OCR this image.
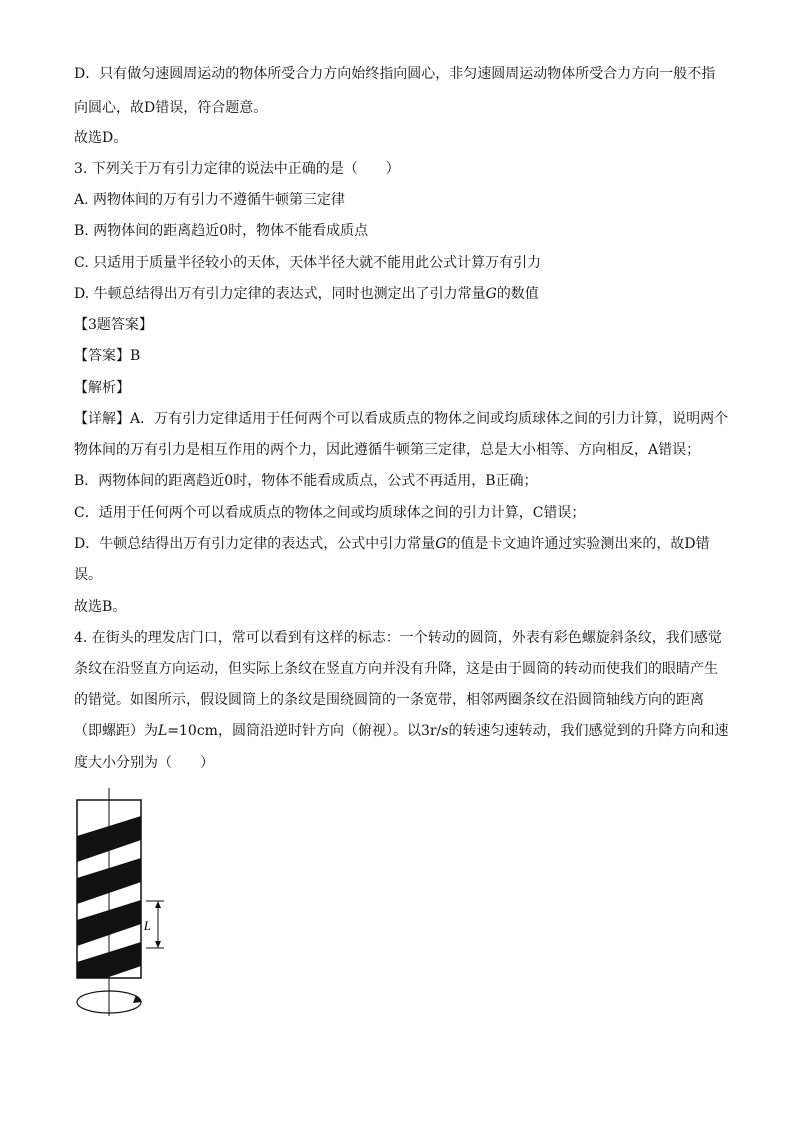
D．只有做匀速圆周运动的物体所受合力方向始终指向圆心，非匀速圆周运动物体所受合力方向一般不指
向圆心，故D错误，符合题意。
故选D。
3. 下列关于万有引力定律的说法中正确的是（　　）
A. 两物体间的万有引力不遵循牛顿第三定律
B. 两物体间的距离趋近0时，物体不能看成质点
C. 只适用于质量半径较小的天体，天体半径大就不能用此公式计算万有引力
D. 牛顿总结得出万有引力定律的表达式，同时也测定出了引力常量G的数值
【3题答案】
【答案】B
【解析】
【详解】A．万有引力定律适用于任何两个可以看成质点的物体之间或均质球体之间的引力计算，说明两个
物体间的万有引力是相互作用的两个力，因此遵循牛顿第三定律，总是大小相等、方向相反，A错误；
B．两物体间的距离趋近0时，物体不能看成质点，公式不再适用，B正确；
C．适用于任何两个可以看成质点的物体之间或均质球体之间的引力计算，C错误；
D．牛顿总结得出万有引力定律的表达式，公式中引力常量G的值是卡文迪许通过实验测出来的，故D错
误。
故选B。
4. 在街头的理发店门口，常可以看到有这样的标志：一个转动的圆筒，外表有彩色螺旋斜条纹，我们感觉
条纹在沿竖直方向运动，但实际上条纹在竖直方向并没有升降，这是由于圆筒的转动而使我们的眼睛产生
的错觉。如图所示，假设圆筒上的条纹是围绕圆筒的一条宽带，相邻两圈条纹在沿圆筒轴线方向的距离
（即螺距）为L=10cm，圆筒沿逆时针方向（俯视）。以3r/s的转速匀速转动，我们感觉到的升降方向和速
度大小分别为（　　）
L
